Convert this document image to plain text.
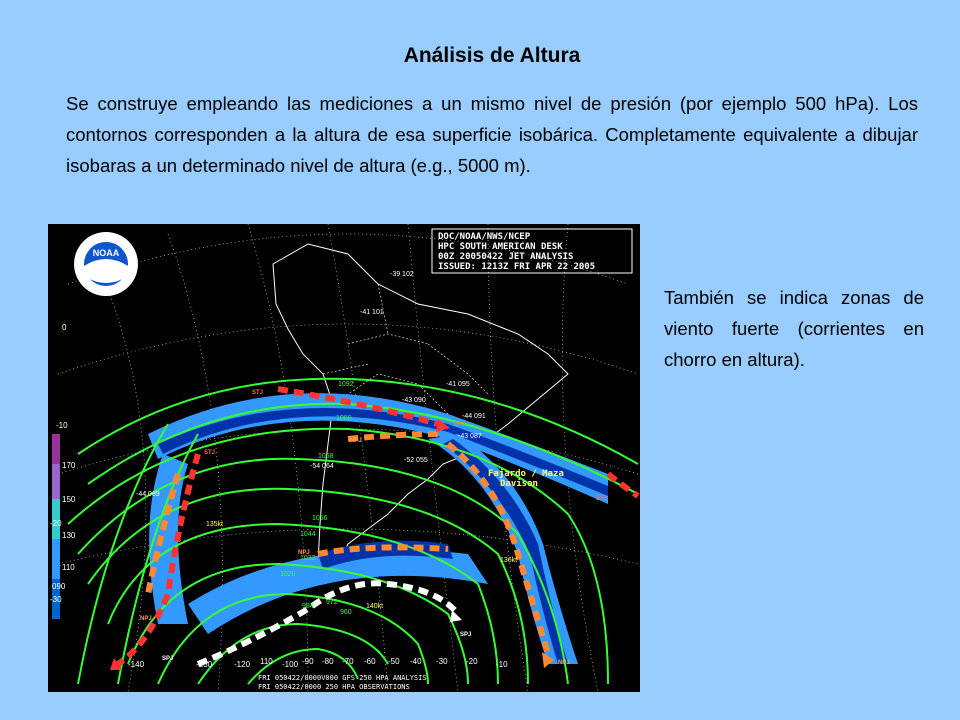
Análisis de Altura
Se construye empleando las mediciones a un mismo nivel de presión (por ejemplo 500 hPa). Los contornos corresponden a la altura de esa superficie isobárica. Completamente equivalente a dibujar isobaras a un determinado nivel de altura (e.g., 5000 m).
También se indica zonas de viento fuerte (corrientes en chorro en altura).
NOAA
DOC/NOAA/NWS/NCEP
HPC SOUTH AMERICAN DESK
00Z 20050422 JET ANALYSIS
ISSUED: 1213Z FRI APR 22 2005
Fajardo / Maza
Davison
170
150
130
110
090
0
-10
-20
-30
-140	-130	-120 110 -100 -90 -80 -70 -60 -50 -40 -30 -20 -10
1092
1080
1068
1056
1044
1032
1020
984
972
960
STJ
STJ
STJ
STJ
NPJ
NPJ
NPJ
NPJ
SPJ
SPJ
135kt
136kt
140kt
-39 102
-41 101
-41 095
-43 090
-54 064
-52 055
-44 089
-44 091
-43 087
FRI 050422/0000V000 GFS 250 HPA ANALYSIS
FRI 050422/0000 250 HPA OBSERVATIONS
